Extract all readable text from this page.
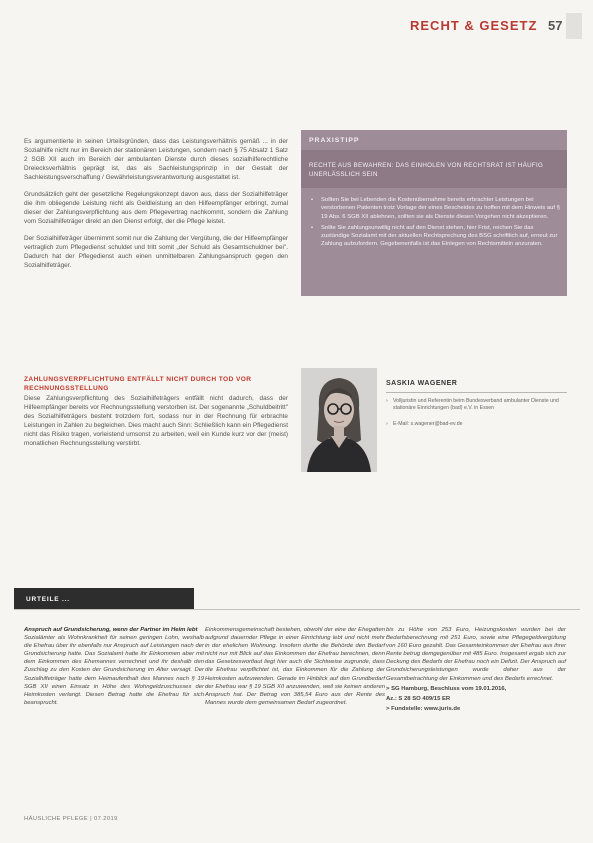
RECHT & GESETZ 57

Es argumentierte in seinen Urteilsgründen, dass das Leistungsverhältnis gemäß ... in der Sozialhilfe nicht nur im Bereich der stationären Leistungen, sondern nach § 75 Absatz 1 Satz 2 SGB XII auch im Bereich der ambulanten Dienste durch dieses sozialhilferechtliche Dreiecksverhältnis geprägt ist, das als Sachleistungsprinzip in der Gestalt der Sachleistungsverschaffung / Gewährleistungsverantwortung ausgestaltet ist.

Grundsätzlich geht der gesetzliche Regelungskonzept davon aus, dass der Sozialhilfeträger die ihm obliegende Leistung nicht als Geldleistung an den Hilfeempfänger erbringt, zumal dieser der Zahlungsverpflichtung aus dem Pflegevertrag nachkommt, sondern die Zahlung vom Sozialhilfeträger direkt an den Dienst erfolgt, der die Pflege leistet.

Der Sozialhilfeträger übernimmt somit nur die Zahlung der Vergütung, die der Hilfeempfänger vertraglich zum Pflegedienst schuldet und tritt somit „der Schuld als Gesamtschuldner bei". Dadurch hat der Pflegedienst auch einen unmittelbaren Zahlungsanspruch gegen den Sozialhilfeträger.

ZAHLUNGSVERPFLICHTUNG ENTFÄLLT NICHT DURCH TOD VOR RECHNUNGSSTELLUNG

Diese Zahlungsverpflichtung des Sozialhilfeträgers entfällt nicht dadurch, dass der Hilfeempfänger bereits vor Rechnungsstellung verstorben ist. Der sogenannte „Schuldbeitritt" des Sozialhilfeträgers besteht trotzdem fort, sodass nur in der Rechnung für erbrachte Leistungen in Zahlen zu begleichen. Dies macht auch Sinn: Schließlich kann ein Pflegedienst nicht das Risiko tragen, vorleistend umsonst zu arbeiten, weil ein Kunde kurz vor der (meist) monatlichen Rechnungsstellung verstirbt.

PRAXISTIPP
RECHTE AUS BEWAHREN: DAS EINHOLEN VON RECHTSRAT IST HÄUFIG UNERLÄSSLICH SEIN
• Sollten Sie bei Lebenden die Kostenübernahme bereits erbrachter Leistungen bei verstorbenen Patienten trotz Vorlage der eines Bescheides zu hoffen mit dem Hinweis auf § 19 Abs. 6 SGB XII ablehnen, sollten sie als Dienste diesen Vorgehen nicht akzeptieren.
• Sollte Sie zahlungsunwillig nicht auf den Dienst stehen, hier Frist, reichen Sie das zuständige Sozialamt mit der aktuellen Rechtsprechung des BSG schriftlich auf, erneut zur Zahlung aufzufordern. Gegebenenfalls ist das Einlegen von Rechtsmitteln anzuraten.
SASKIA WAGENER
› Volljuristin und Referentin beim Bundesverband ambulanter Dienste und stationäre Einrichtungen (bad) e.V. in Essen
› E-Mail: s.wagener@bad-ev.de
URTEILE ...

Anspruch auf Grundsicherung, wenn der Partner im Heim lebt

Sozialämter als Wohnkrankheit für seinen geringen Lohn, weshalb die Ehefrau über ihr ebenfalls nur Anspruch auf Leistungen nach der Grundsicherung hatte. Das Sozialamt hatte ihr Einkommen aber mit dem Einkommen des Ehemannes verrechnet und ihr deshalb den Zuschlag zu den Kosten der Grundsicherung im Alter versagt. Der Sozialhilfeträger hatte dem Heimaufenthalt des Mannes nach § 19 SGB XII einen Einsatz in Höhe des Wohngeldzuschusses der Heimkosten verlangt. Diesen Betrag hatte die Ehefrau für sich beansprucht.

Einkommensgemeinschaft bestehen, obwohl der eine der Ehegatten aufgrund dauernder Pflege in einer Einrichtung lebt und nicht mehr in der ehelichen Wohnung. Insofern durfte die Behörde den Bedarf nicht nur mit Blick auf das Einkommen der Ehefrau berechnen, denn das Gesetzeswortlaut liegt hier auch die Sichtweise zugrunde, dass die Ehefrau verpflichtet ist, das Einkommen für die Zahlung der Heimkosten aufzuwenden. Gerade im Hinblick auf den Grundbedarf der Ehefrau war § 19 SGB XII anzuwenden, weil sie keinen anderen Anspruch hat. Der Betrag von 385,54 Euro aus der Rente des Mannes wurde dem gemeinsamen Bedarf zugeordnet.

bis zu Höhe von 253 Euro, Heizungskosten wurden bei der Bedarfsberechnung mit 251 Euro, sowie eine Pflegegeldvergütung von 160 Euro gezahlt. Das Gesamteinkommen der Ehefrau aus ihrer Rente betrug demgegenüber mit 485 Euro. Insgesamt ergab sich zur Deckung des Bedarfs der Ehefrau noch ein Defizit. Der Anspruch auf Grundsicherungsleistungen wurde daher aus der Gesamtbetrachtung der Einkommen und des Bedarfs errechnet.

> SG Hamburg, Beschluss vom 19.01.2016,

Az.: S 28 SO 409/15 ER

> Fundstelle: www.juris.de

HÄUSLICHE PFLEGE | 07.2019
